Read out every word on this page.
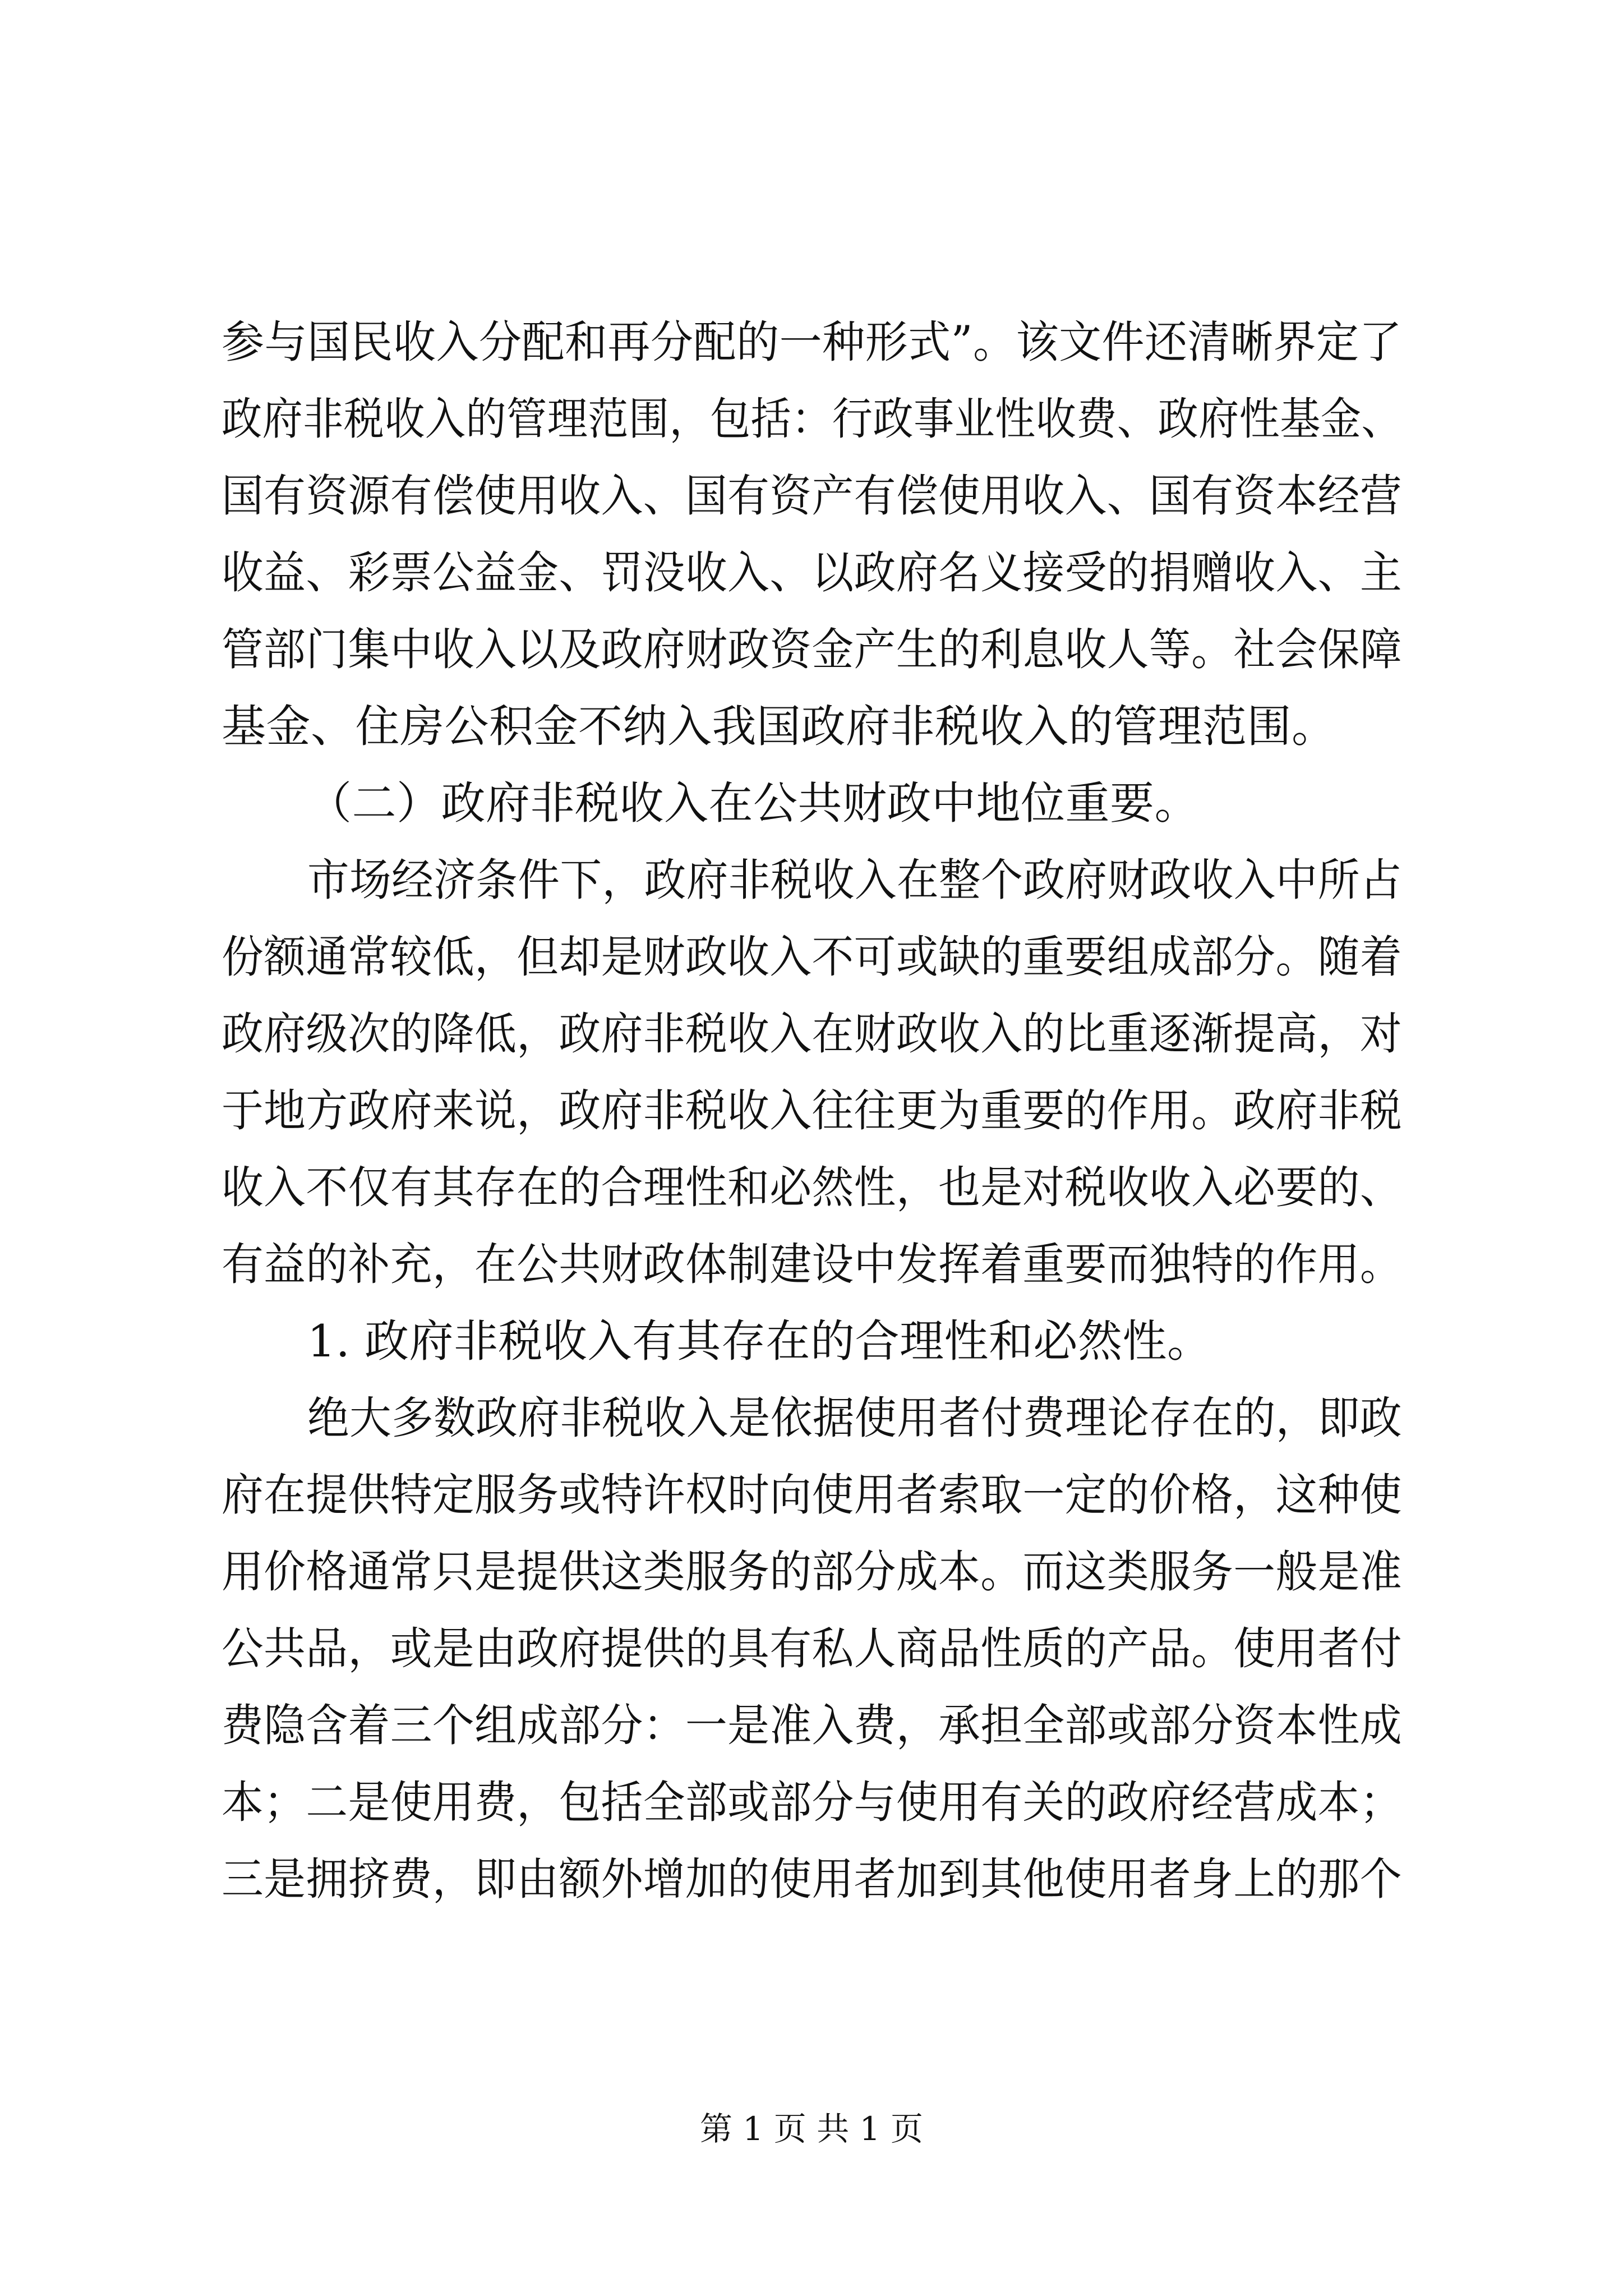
参与国民收入分配和再分配的一种形式”。该文件还清晰界定了
政府非税收入的管理范围，包括：行政事业性收费、政府性基金、
国有资源有偿使用收入、国有资产有偿使用收入、国有资本经营
收益、彩票公益金、罚没收入、以政府名义接受的捐赠收入、主
管部门集中收入以及政府财政资金产生的利息收人等。社会保障
基金、住房公积金不纳入我国政府非税收入的管理范围。
（二）政府非税收入在公共财政中地位重要。
市场经济条件下，政府非税收入在整个政府财政收入中所占
份额通常较低，但却是财政收入不可或缺的重要组成部分。随着
政府级次的降低，政府非税收入在财政收入的比重逐渐提高，对
于地方政府来说，政府非税收入往往更为重要的作用。政府非税
收入不仅有其存在的合理性和必然性，也是对税收收入必要的、
有益的补充，在公共财政体制建设中发挥着重要而独特的作用。
1. 政府非税收入有其存在的合理性和必然性。
绝大多数政府非税收入是依据使用者付费理论存在的，即政
府在提供特定服务或特许权时向使用者索取一定的价格，这种使
用价格通常只是提供这类服务的部分成本。而这类服务一般是准
公共品，或是由政府提供的具有私人商品性质的产品。使用者付
费隐含着三个组成部分：一是准入费，承担全部或部分资本性成
本；二是使用费，包括全部或部分与使用有关的政府经营成本；
三是拥挤费，即由额外增加的使用者加到其他使用者身上的那个
第 1 页 共 1 页
